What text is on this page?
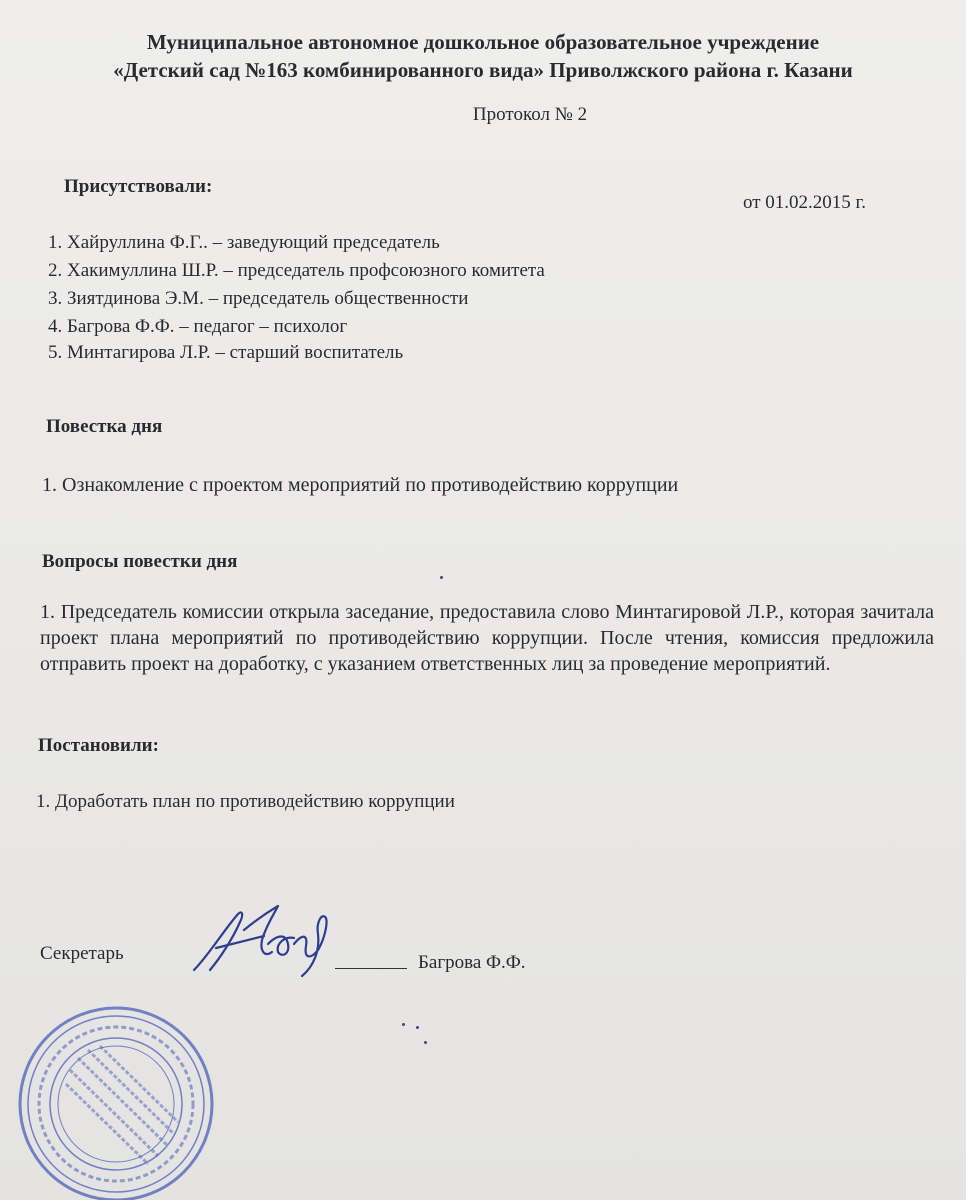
Муниципальное автономное дошкольное образовательное учреждение
«Детский сад №163 комбинированного вида» Приволжского района г. Казани
Протокол № 2
Присутствовали:
от 01.02.2015 г.
1. Хайруллина Ф.Г.. – заведующий председатель
2. Хакимуллина Ш.Р. – председатель профсоюзного комитета
3. Зиятдинова Э.М. – председатель общественности
4. Багрова Ф.Ф. – педагог – психолог
5. Минтагирова Л.Р. – старший воспитатель
Повестка дня
1. Ознакомление с проектом мероприятий по противодействию коррупции
Вопросы повестки дня
1. Председатель комиссии открыла заседание, предоставила слово Минтагировой Л.Р., которая зачитала проект плана мероприятий по противодействию коррупции. После чтения, комиссия предложила отправить проект на доработку, с указанием ответственных лиц за проведение мероприятий.
Постановили:
1. Доработать план по противодействию коррупции
Секретарь	Багрова Ф.Ф.
